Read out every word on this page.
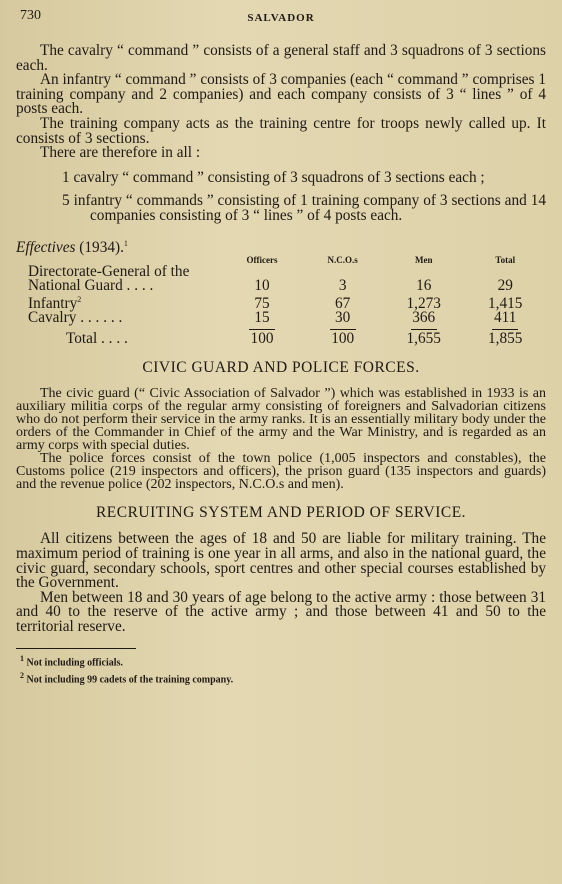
730	SALVADOR

The cavalry “ command ” consists of a general staff and 3 squadrons of 3 sections each.

An infantry “ command ” consists of 3 companies (each “ command ” comprises 1 training company and 2 companies) and each company consists of 3 “ lines ” of 4 posts each.

The training company acts as the training centre for troops newly called up. It consists of 3 sections.

There are therefore in all :

1 cavalry “ command ” consisting of 3 squadrons of 3 sections each ;

5 infantry “ commands ” consisting of 1 training company of 3 sections and 14 companies consisting of 3 “ lines ” of 4 posts each.

Effectives (1934).$^1$

	Officers	N.C.O.s	Men	Total
Directorate-General of the National Guard . . . .	10	3	16	29
Infantry$^2$	75	67	1,273	1,415
Cavalry . . . . . .	15	30	366	411
Total . . . .	100	100	1,655	1,855
CIVIC GUARD AND POLICE FORCES.

The civic guard (“ Civic Association of Salvador ”) which was established in 1933 is an auxiliary militia corps of the regular army consisting of foreigners and Salvadorian citizens who do not perform their service in the army ranks. It is an essentially military body under the orders of the Commander in Chief of the army and the War Ministry, and is regarded as an army corps with special duties.

The police forces consist of the town police (1,005 inspectors and constables), the Customs police (219 inspectors and officers), the prison guard (135 inspectors and guards) and the revenue police (202 inspectors, N.C.O.s and men).

RECRUITING SYSTEM AND PERIOD OF SERVICE.

All citizens between the ages of 18 and 50 are liable for military training. The maximum period of training is one year in all arms, and also in the national guard, the civic guard, secondary schools, sport centres and other special courses established by the Government.

Men between 18 and 30 years of age belong to the active army : those between 31 and 40 to the reserve of the active army ; and those between 41 and 50 to the territorial reserve.

$^1$ Not including officials.
$^2$ Not including 99 cadets of the training company.
